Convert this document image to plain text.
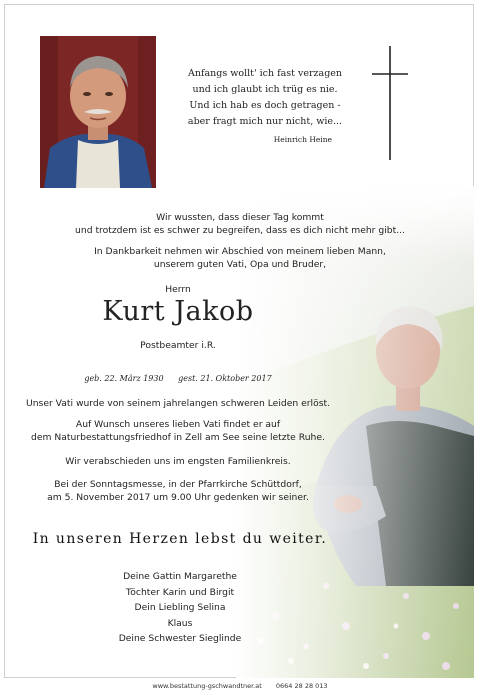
Anfangs wollt' ich fast verzagen
und ich glaubt ich trüg es nie.
Und ich hab es doch getragen -
aber fragt mich nur nicht, wie...
Heinrich Heine
Wir wussten, dass dieser Tag kommt
und trotzdem ist es schwer zu begreifen, dass es dich nicht mehr gibt...
In Dankbarkeit nehmen wir Abschied von meinem lieben Mann,
unserem guten Vati, Opa und Bruder,
Herrn
Kurt Jakob
Postbeamter i.R.
geb. 22. März 1930 gest. 21. Oktober 2017
Unser Vati wurde von seinem jahrelangen schweren Leiden erlöst.
Auf Wunsch unseres lieben Vati findet er auf
dem Naturbestattungsfriedhof in Zell am See seine letzte Ruhe.
Wir verabschieden uns im engsten Familienkreis.
Bei der Sonntagsmesse, in der Pfarrkirche Schüttdorf,
am 5. November 2017 um 9.00 Uhr gedenken wir seiner.
In unseren Herzen lebst du weiter.
Deine Gattin Margarethe
Töchter Karin und Birgit
Dein Liebling Selina
Klaus
Deine Schwester Sieglinde
www.bestattung-gschwandtner.at 0664 28 28 013
